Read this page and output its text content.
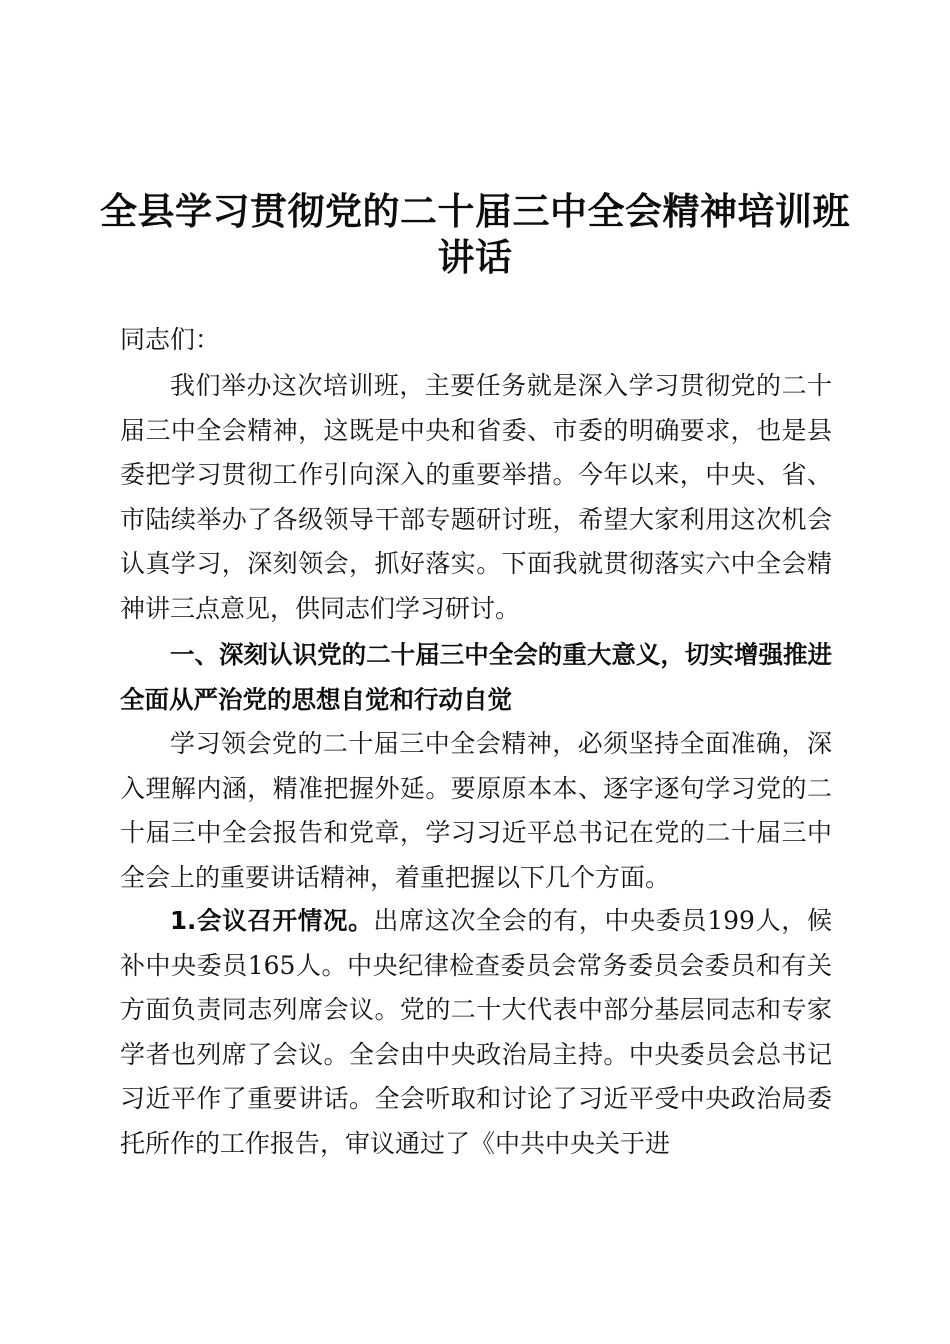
全县学习贯彻党的二十届三中全会精神培训班
讲话
同志们：
我们举办这次培训班，主要任务就是深入学习贯彻党的二十届三中全会精神，这既是中央和省委、市委的明确要求，也是县委把学习贯彻工作引向深入的重要举措。今年以来，中央、省、市陆续举办了各级领导干部专题研讨班，希望大家利用这次机会认真学习，深刻领会，抓好落实。下面我就贯彻落实六中全会精神讲三点意见，供同志们学习研讨。
一、深刻认识党的二十届三中全会的重大意义，切实增强推进全面从严治党的思想自觉和行动自觉
学习领会党的二十届三中全会精神，必须坚持全面准确，深入理解内涵，精准把握外延。要原原本本、逐字逐句学习党的二十届三中全会报告和党章，学习习近平总书记在党的二十届三中全会上的重要讲话精神，着重把握以下几个方面。
1.会议召开情况。出席这次全会的有，中央委员199人，候补中央委员165人。中央纪律检查委员会常务委员会委员和有关方面负责同志列席会议。党的二十大代表中部分基层同志和专家学者也列席了会议。全会由中央政治局主持。中央委员会总书记习近平作了重要讲话。全会听取和讨论了习近平受中央政治局委托所作的工作报告，审议通过了《中共中央关于进
